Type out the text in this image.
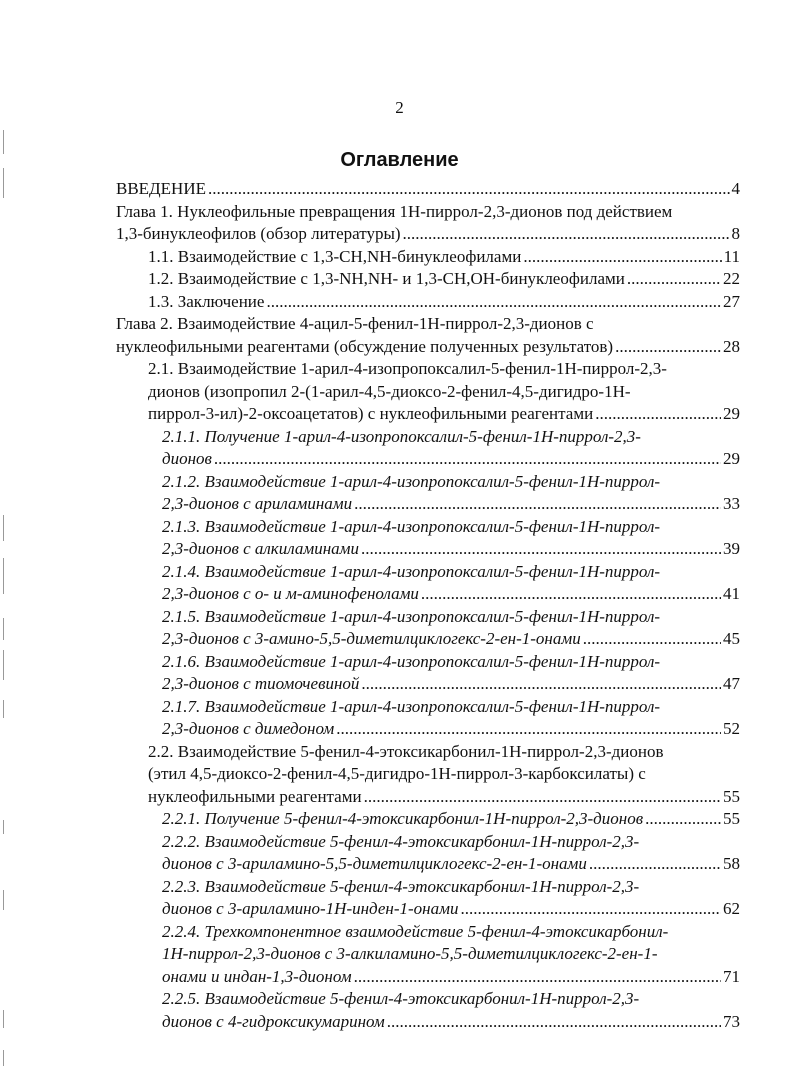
2
Оглавление
ВВЕДЕНИЕ .....	4
Глава 1. Нуклеофильные превращения 1H-пиррол-2,3-дионов под действием
1,3-бинуклеофилов (обзор литературы) .....	8
1.1. Взаимодействие с 1,3-CH,NH-бинуклеофилами .....	11
1.2. Взаимодействие с 1,3-NH,NH- и 1,3-CH,OH-бинуклеофилами .....	22
1.3. Заключение .....	27
Глава 2. Взаимодействие 4-ацил-5-фенил-1H-пиррол-2,3-дионов с
нуклеофильными реагентами (обсуждение полученных результатов) .....	28
2.1. Взаимодействие 1-арил-4-изопропоксалил-5-фенил-1H-пиррол-2,3-
дионов (изопропил 2-(1-арил-4,5-диоксо-2-фенил-4,5-дигидро-1H-
пиррол-3-ил)-2-оксоацетатов) с нуклеофильными реагентами .....	29
2.1.1. Получение 1-арил-4-изопропоксалил-5-фенил-1H-пиррол-2,3-
дионов .....	29
2.1.2. Взаимодействие 1-арил-4-изопропоксалил-5-фенил-1H-пиррол-
2,3-дионов с ариламинами .....	33
2.1.3. Взаимодействие 1-арил-4-изопропоксалил-5-фенил-1H-пиррол-
2,3-дионов с алкиламинами .....	39
2.1.4. Взаимодействие 1-арил-4-изопропоксалил-5-фенил-1H-пиррол-
2,3-дионов с о- и м-аминофенолами .....	41
2.1.5. Взаимодействие 1-арил-4-изопропоксалил-5-фенил-1H-пиррол-
2,3-дионов с 3-амино-5,5-диметилциклогекс-2-ен-1-онами .....	45
2.1.6. Взаимодействие 1-арил-4-изопропоксалил-5-фенил-1H-пиррол-
2,3-дионов с тиомочевиной .....	47
2.1.7. Взаимодействие 1-арил-4-изопропоксалил-5-фенил-1H-пиррол-
2,3-дионов с димедоном .....	52
2.2. Взаимодействие 5-фенил-4-этоксикарбонил-1H-пиррол-2,3-дионов
(этил 4,5-диоксо-2-фенил-4,5-дигидро-1H-пиррол-3-карбоксилаты) с
нуклеофильными реагентами .....	55
2.2.1. Получение 5-фенил-4-этоксикарбонил-1H-пиррол-2,3-дионов .....	55
2.2.2. Взаимодействие 5-фенил-4-этоксикарбонил-1H-пиррол-2,3-
дионов с 3-ариламино-5,5-диметилциклогекс-2-ен-1-онами .....	58
2.2.3. Взаимодействие 5-фенил-4-этоксикарбонил-1H-пиррол-2,3-
дионов с 3-ариламино-1H-инден-1-онами .....	62
2.2.4. Трехкомпонентное взаимодействие 5-фенил-4-этоксикарбонил-
1H-пиррол-2,3-дионов с 3-алкиламино-5,5-диметилциклогекс-2-ен-1-
онами и индан-1,3-дионом .....	71
2.2.5. Взаимодействие 5-фенил-4-этоксикарбонил-1H-пиррол-2,3-
дионов с 4-гидроксикумарином .....	73
